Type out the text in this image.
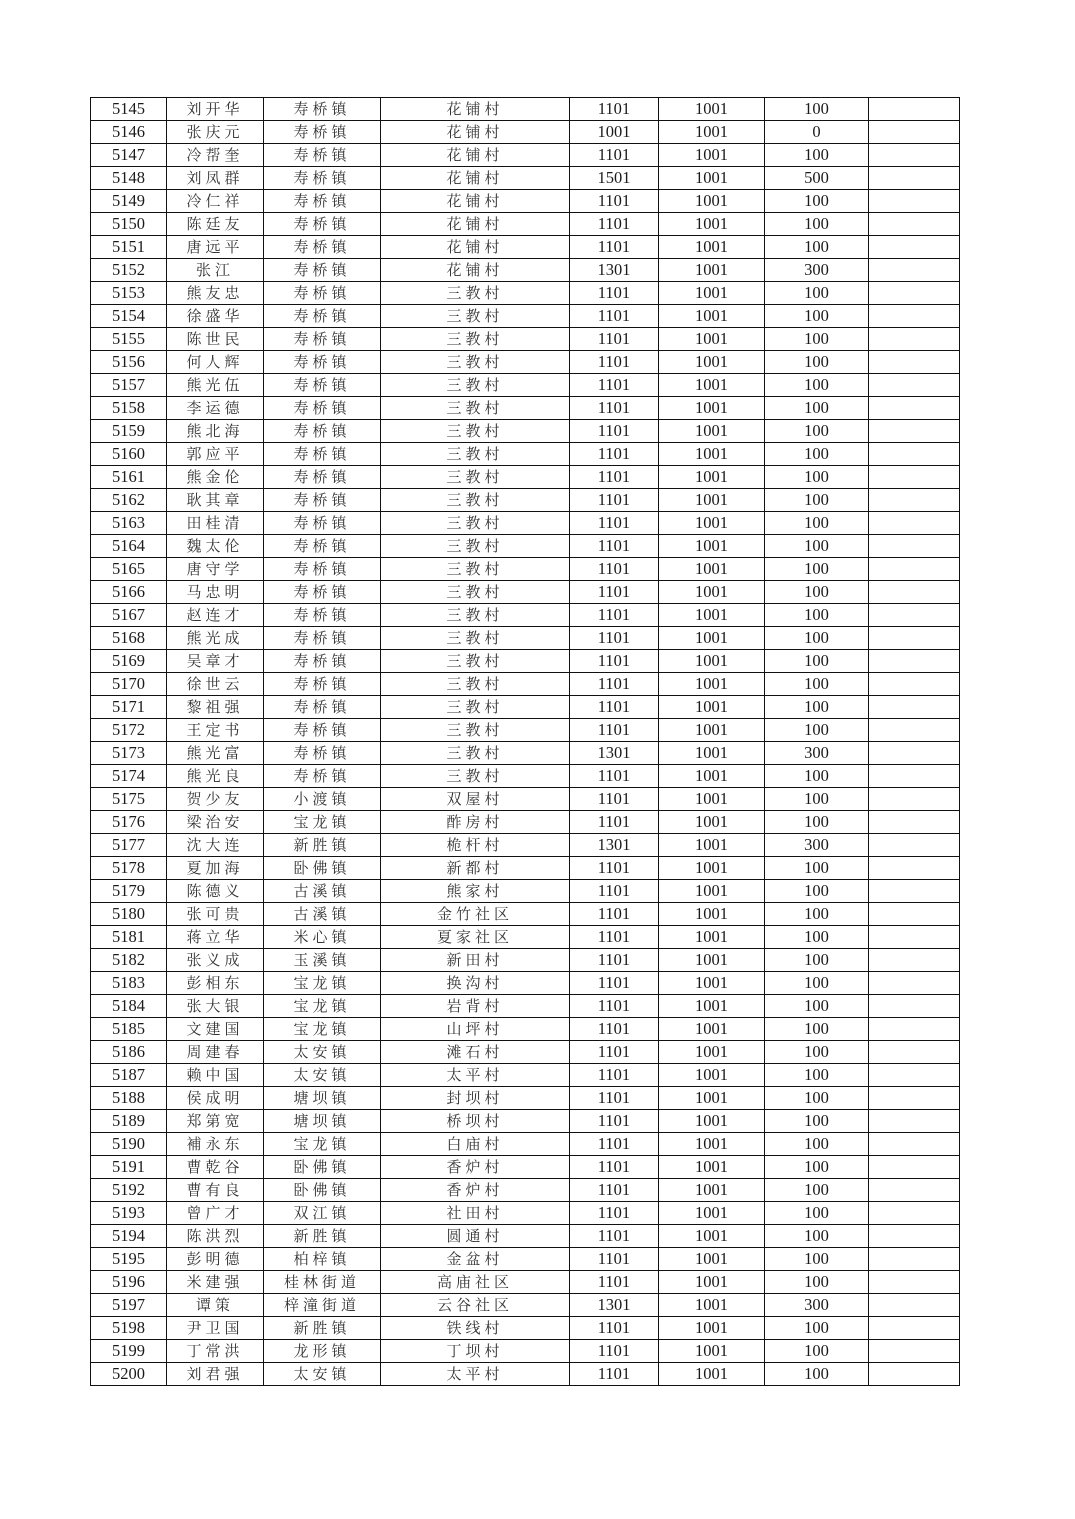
5145	刘开华	寿桥镇	花铺村	1101	1001	100	
5146	张庆元	寿桥镇	花铺村	1001	1001	0	
5147	冷帮奎	寿桥镇	花铺村	1101	1001	100	
5148	刘凤群	寿桥镇	花铺村	1501	1001	500	
5149	冷仁祥	寿桥镇	花铺村	1101	1001	100	
5150	陈廷友	寿桥镇	花铺村	1101	1001	100	
5151	唐远平	寿桥镇	花铺村	1101	1001	100	
5152	张江	寿桥镇	花铺村	1301	1001	300	
5153	熊友忠	寿桥镇	三教村	1101	1001	100	
5154	徐盛华	寿桥镇	三教村	1101	1001	100	
5155	陈世民	寿桥镇	三教村	1101	1001	100	
5156	何人辉	寿桥镇	三教村	1101	1001	100	
5157	熊光伍	寿桥镇	三教村	1101	1001	100	
5158	李运德	寿桥镇	三教村	1101	1001	100	
5159	熊北海	寿桥镇	三教村	1101	1001	100	
5160	郭应平	寿桥镇	三教村	1101	1001	100	
5161	熊金伦	寿桥镇	三教村	1101	1001	100	
5162	耿其章	寿桥镇	三教村	1101	1001	100	
5163	田桂清	寿桥镇	三教村	1101	1001	100	
5164	魏太伦	寿桥镇	三教村	1101	1001	100	
5165	唐守学	寿桥镇	三教村	1101	1001	100	
5166	马忠明	寿桥镇	三教村	1101	1001	100	
5167	赵连才	寿桥镇	三教村	1101	1001	100	
5168	熊光成	寿桥镇	三教村	1101	1001	100	
5169	吴章才	寿桥镇	三教村	1101	1001	100	
5170	徐世云	寿桥镇	三教村	1101	1001	100	
5171	黎祖强	寿桥镇	三教村	1101	1001	100	
5172	王定书	寿桥镇	三教村	1101	1001	100	
5173	熊光富	寿桥镇	三教村	1301	1001	300	
5174	熊光良	寿桥镇	三教村	1101	1001	100	
5175	贺少友	小渡镇	双屋村	1101	1001	100	
5176	梁治安	宝龙镇	酢房村	1101	1001	100	
5177	沈大连	新胜镇	桅杆村	1301	1001	300	
5178	夏加海	卧佛镇	新都村	1101	1001	100	
5179	陈德义	古溪镇	熊家村	1101	1001	100	
5180	张可贵	古溪镇	金竹社区	1101	1001	100	
5181	蒋立华	米心镇	夏家社区	1101	1001	100	
5182	张义成	玉溪镇	新田村	1101	1001	100	
5183	彭相东	宝龙镇	换沟村	1101	1001	100	
5184	张大银	宝龙镇	岩背村	1101	1001	100	
5185	文建国	宝龙镇	山坪村	1101	1001	100	
5186	周建春	太安镇	滩石村	1101	1001	100	
5187	赖中国	太安镇	太平村	1101	1001	100	
5188	侯成明	塘坝镇	封坝村	1101	1001	100	
5189	郑第宽	塘坝镇	桥坝村	1101	1001	100	
5190	補永东	宝龙镇	白庙村	1101	1001	100	
5191	曹乾谷	卧佛镇	香炉村	1101	1001	100	
5192	曹有良	卧佛镇	香炉村	1101	1001	100	
5193	曾广才	双江镇	社田村	1101	1001	100	
5194	陈洪烈	新胜镇	圆通村	1101	1001	100	
5195	彭明德	柏梓镇	金盆村	1101	1001	100	
5196	米建强	桂林街道	高庙社区	1101	1001	100	
5197	谭策	梓潼街道	云谷社区	1301	1001	300	
5198	尹卫国	新胜镇	铁线村	1101	1001	100	
5199	丁常洪	龙形镇	丁坝村	1101	1001	100	
5200	刘君强	太安镇	太平村	1101	1001	100	
